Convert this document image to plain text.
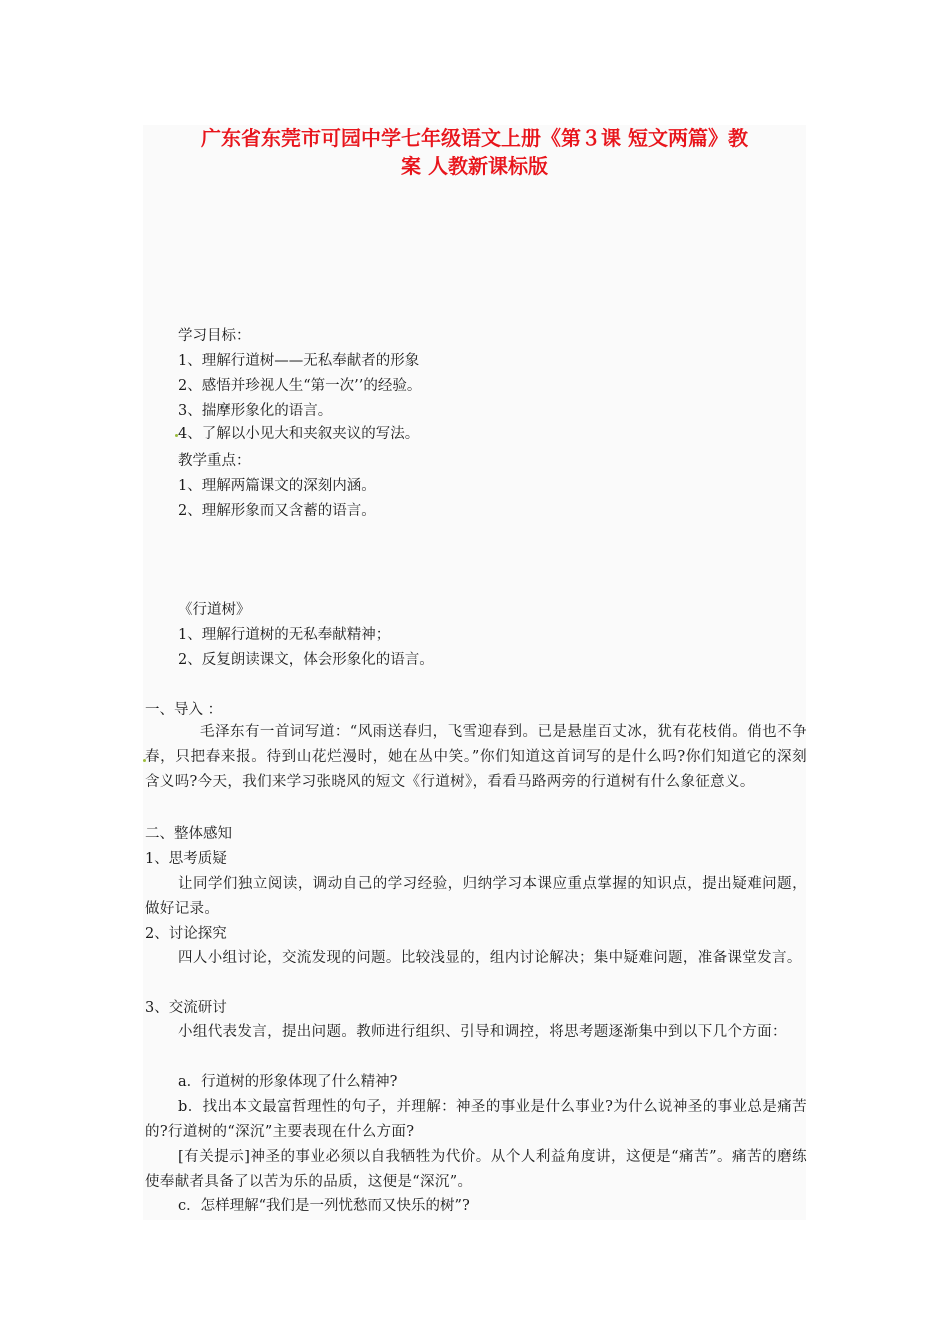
广东省东莞市可园中学七年级语文上册《第３课 短文两篇》教
案 人教新课标版
学习目标：
1、理解行道树——无私奉献者的形象
2、感悟并珍视人生“第一次’’的经验。
3、揣摩形象化的语言。
4、了解以小见大和夹叙夹议的写法。
教学重点：
1、理解两篇课文的深刻内涵。
2、理解形象而又含蓄的语言。
《行道树》
1、理解行道树的无私奉献精神；
2、反复朗读课文，体会形象化的语言。
一、导入 ：
毛泽东有一首词写道：“风雨送春归，飞雪迎春到。已是悬崖百丈冰，犹有花枝俏。俏也不争春，只把春来报。待到山花烂漫时，她在丛中笑。”你们知道这首词写的是什么吗?你们知道它的深刻含义吗?今天，我们来学习张晓风的短文《行道树》，看看马路两旁的行道树有什么象征意义。
二、整体感知
1、思考质疑
让同学们独立阅读，调动自己的学习经验，归纳学习本课应重点掌握的知识点，提出疑难问题，做好记录。
2、讨论探究
四人小组讨论，交流发现的问题。比较浅显的，组内讨论解决；集中疑难问题，准备课堂发言。
3、交流研讨
小组代表发言，提出问题。教师进行组织、引导和调控，将思考题逐渐集中到以下几个方面：
a．行道树的形象体现了什么精神?
b．找出本文最富哲理性的句子，并理解：神圣的事业是什么事业?为什么说神圣的事业总是痛苦的?行道树的“深沉”主要表现在什么方面?
[有关提示]神圣的事业必须以自我牺牲为代价。从个人利益角度讲，这便是“痛苦”。痛苦的磨练使奉献者具备了以苦为乐的品质，这便是“深沉”。
c．怎样理解“我们是一列忧愁而又快乐的树”?
